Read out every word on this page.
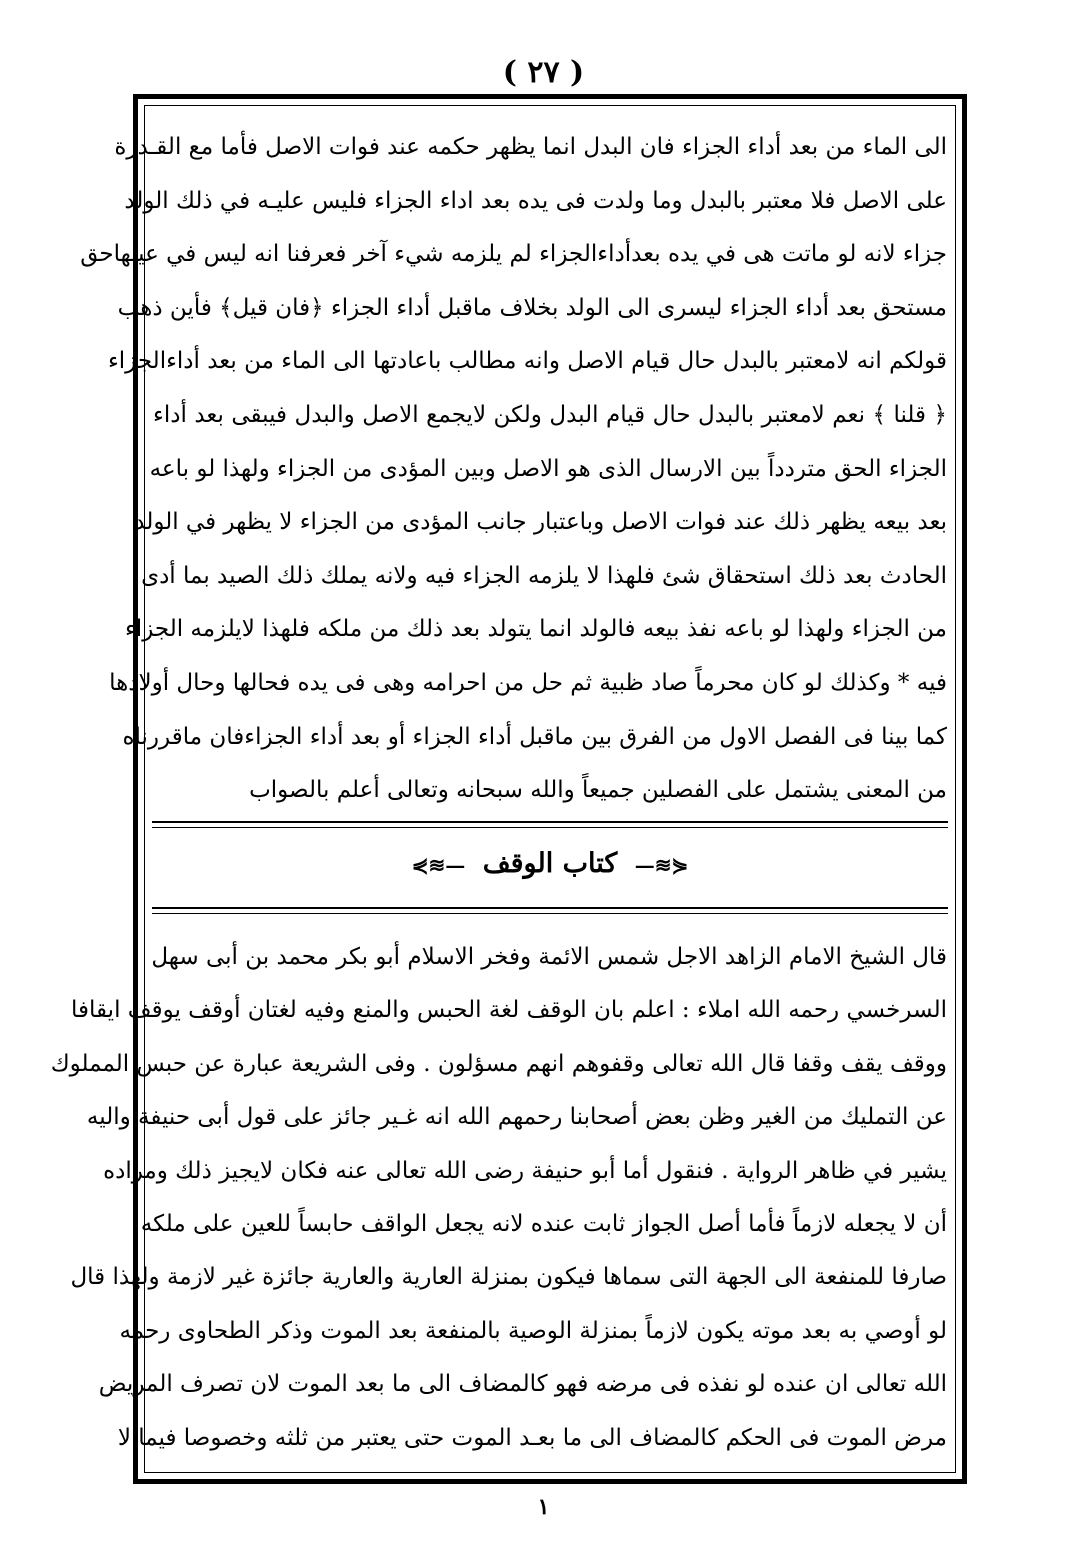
( ٢٧ )
الى الماء من بعد أداء الجزاء فان البدل انما يظهر حكمه عند فوات الاصل فأما مع القـدرة
على الاصل فلا معتبر بالبدل وما ولدت فى يده بعد اداء الجزاء فليس عليـه في ذلك الولد
جزاء لانه لو ماتت هى في يده بعدأداءالجزاء لم يلزمه شيء آخر فعرفنا انه ليس في عينهاحق
مستحق بعد أداء الجزاء ليسرى الى الولد بخلاف ماقبل أداء الجزاء ﴿فان قيل﴾ فأين ذهب
قولكم انه لامعتبر بالبدل حال قيام الاصل وانه مطالب باعادتها الى الماء من بعد أداءالجزاء
﴿ قلنا ﴾ نعم لامعتبر بالبدل حال قيام البدل ولكن لايجمع الاصل والبدل فيبقى بعد أداء
الجزاء الحق متردداً بين الارسال الذى هو الاصل وبين المؤدى من الجزاء ولهذا لو باعه
بعد بيعه يظهر ذلك عند فوات الاصل وباعتبار جانب المؤدى من الجزاء لا يظهر في الولد
الحادث بعد ذلك استحقاق شئ فلهذا لا يلزمه الجزاء فيه ولانه يملك ذلك الصيد بما أدى
من الجزاء ولهذا لو باعه نفذ بيعه فالولد انما يتولد بعد ذلك من ملكه فلهذا لايلزمه الجزاء
فيه * وكذلك لو كان محرماً صاد ظبية ثم حل من احرامه وهى فى يده فحالها وحال أولادها
كما بينا فى الفصل الاول من الفرق بين ماقبل أداء الجزاء أو بعد أداء الجزاءفان ماقررناه
من المعنى يشتمل على الفصلين جميعاً والله سبحانه وتعالى أعلم بالصواب
⋞≋— كتاب الوقف —≋⋟
قال الشيخ الامام الزاهد الاجل شمس الائمة وفخر الاسلام أبو بكر محمد بن أبى سهل
السرخسي رحمه الله املاء : اعلم بان الوقف لغة الحبس والمنع وفيه لغتان أوقف يوقف ايقافا
ووقف يقف وقفا قال الله تعالى وقفوهم انهم مسؤلون . وفى الشريعة عبارة عن حبس المملوك
عن التمليك من الغير وظن بعض أصحابنا رحمهم الله انه غـير جائز على قول أبى حنيفة واليه
يشير في ظاهر الرواية . فنقول أما أبو حنيفة رضى الله تعالى عنه فكان لايجيز ذلك ومراده
أن لا يجعله لازماً فأما أصل الجواز ثابت عنده لانه يجعل الواقف حابساً للعين على ملكه
صارفا للمنفعة الى الجهة التى سماها فيكون بمنزلة العارية والعارية جائزة غير لازمة ولهذا قال
لو أوصي به بعد موته يكون لازماً بمنزلة الوصية بالمنفعة بعد الموت وذكر الطحاوى رحمه
الله تعالى ان عنده لو نفذه فى مرضه فهو كالمضاف الى ما بعد الموت لان تصرف المريض
مرض الموت فى الحكم كالمضاف الى ما بعـد الموت حتى يعتبر من ثلثه وخصوصا فيما لا
١
